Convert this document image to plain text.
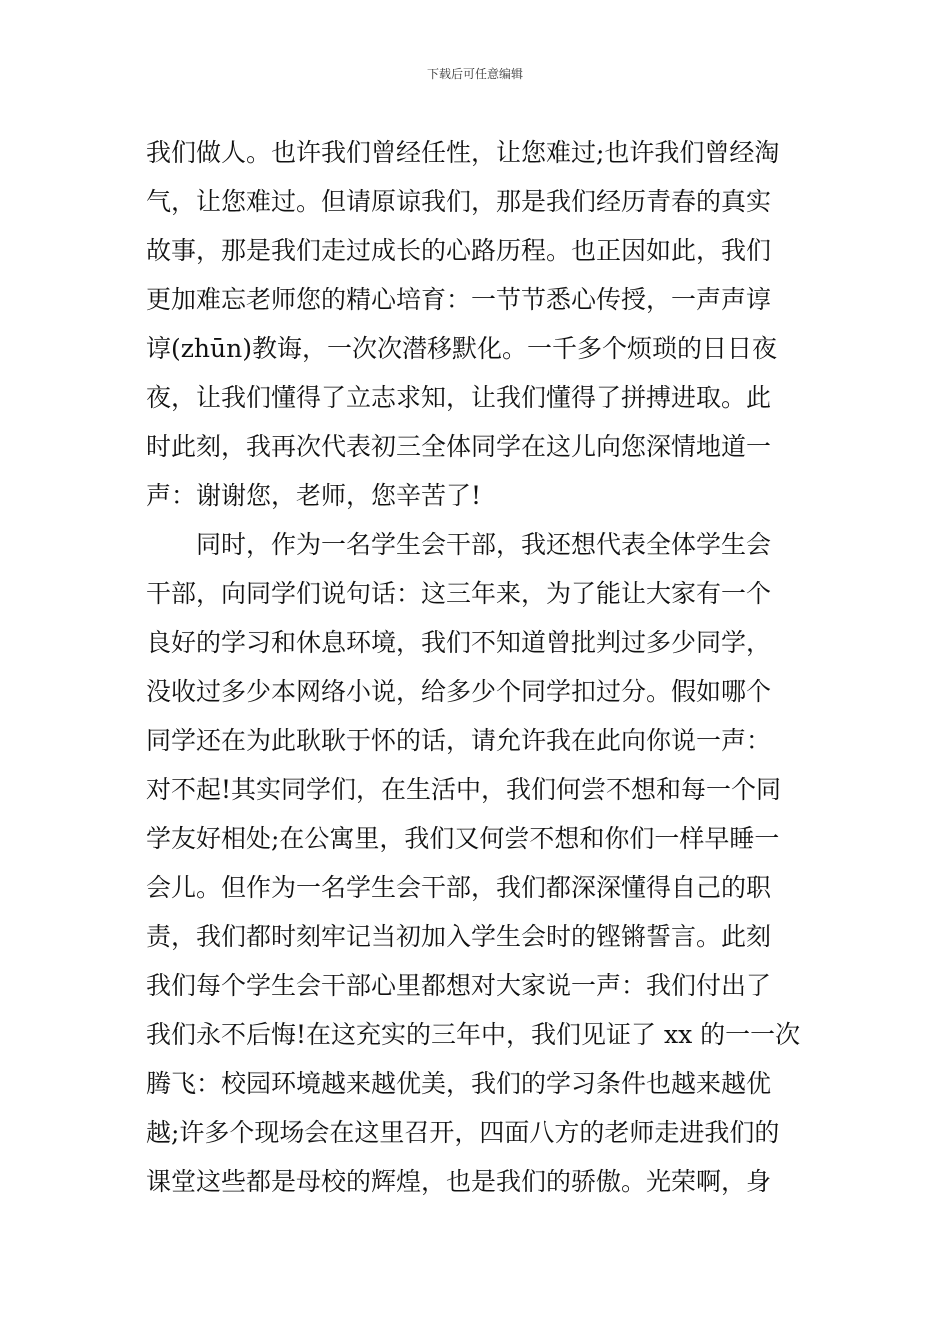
下载后可任意编辑
我们做人。也许我们曾经任性，让您难过;也许我们曾经淘
气，让您难过。但请原谅我们，那是我们经历青春的真实
故事，那是我们走过成长的心路历程。也正因如此，我们
更加难忘老师您的精心培育：一节节悉心传授，一声声谆
谆(zhūn)教诲，一次次潜移默化。一千多个烦琐的日日夜
夜，让我们懂得了立志求知，让我们懂得了拼搏进取。此
时此刻，我再次代表初三全体同学在这儿向您深情地道一
声：谢谢您，老师，您辛苦了!
同时，作为一名学生会干部，我还想代表全体学生会
干部，向同学们说句话：这三年来，为了能让大家有一个
良好的学习和休息环境，我们不知道曾批判过多少同学，
没收过多少本网络小说，给多少个同学扣过分。假如哪个
同学还在为此耿耿于怀的话，请允许我在此向你说一声：
对不起!其实同学们，在生活中，我们何尝不想和每一个同
学友好相处;在公寓里，我们又何尝不想和你们一样早睡一
会儿。但作为一名学生会干部，我们都深深懂得自己的职
责，我们都时刻牢记当初加入学生会时的铿锵誓言。此刻
我们每个学生会干部心里都想对大家说一声：我们付出了
我们永不后悔!在这充实的三年中，我们见证了 xx 的一一次
腾飞：校园环境越来越优美，我们的学习条件也越来越优
越;许多个现场会在这里召开，四面八方的老师走进我们的
课堂这些都是母校的辉煌，也是我们的骄傲。光荣啊，身
